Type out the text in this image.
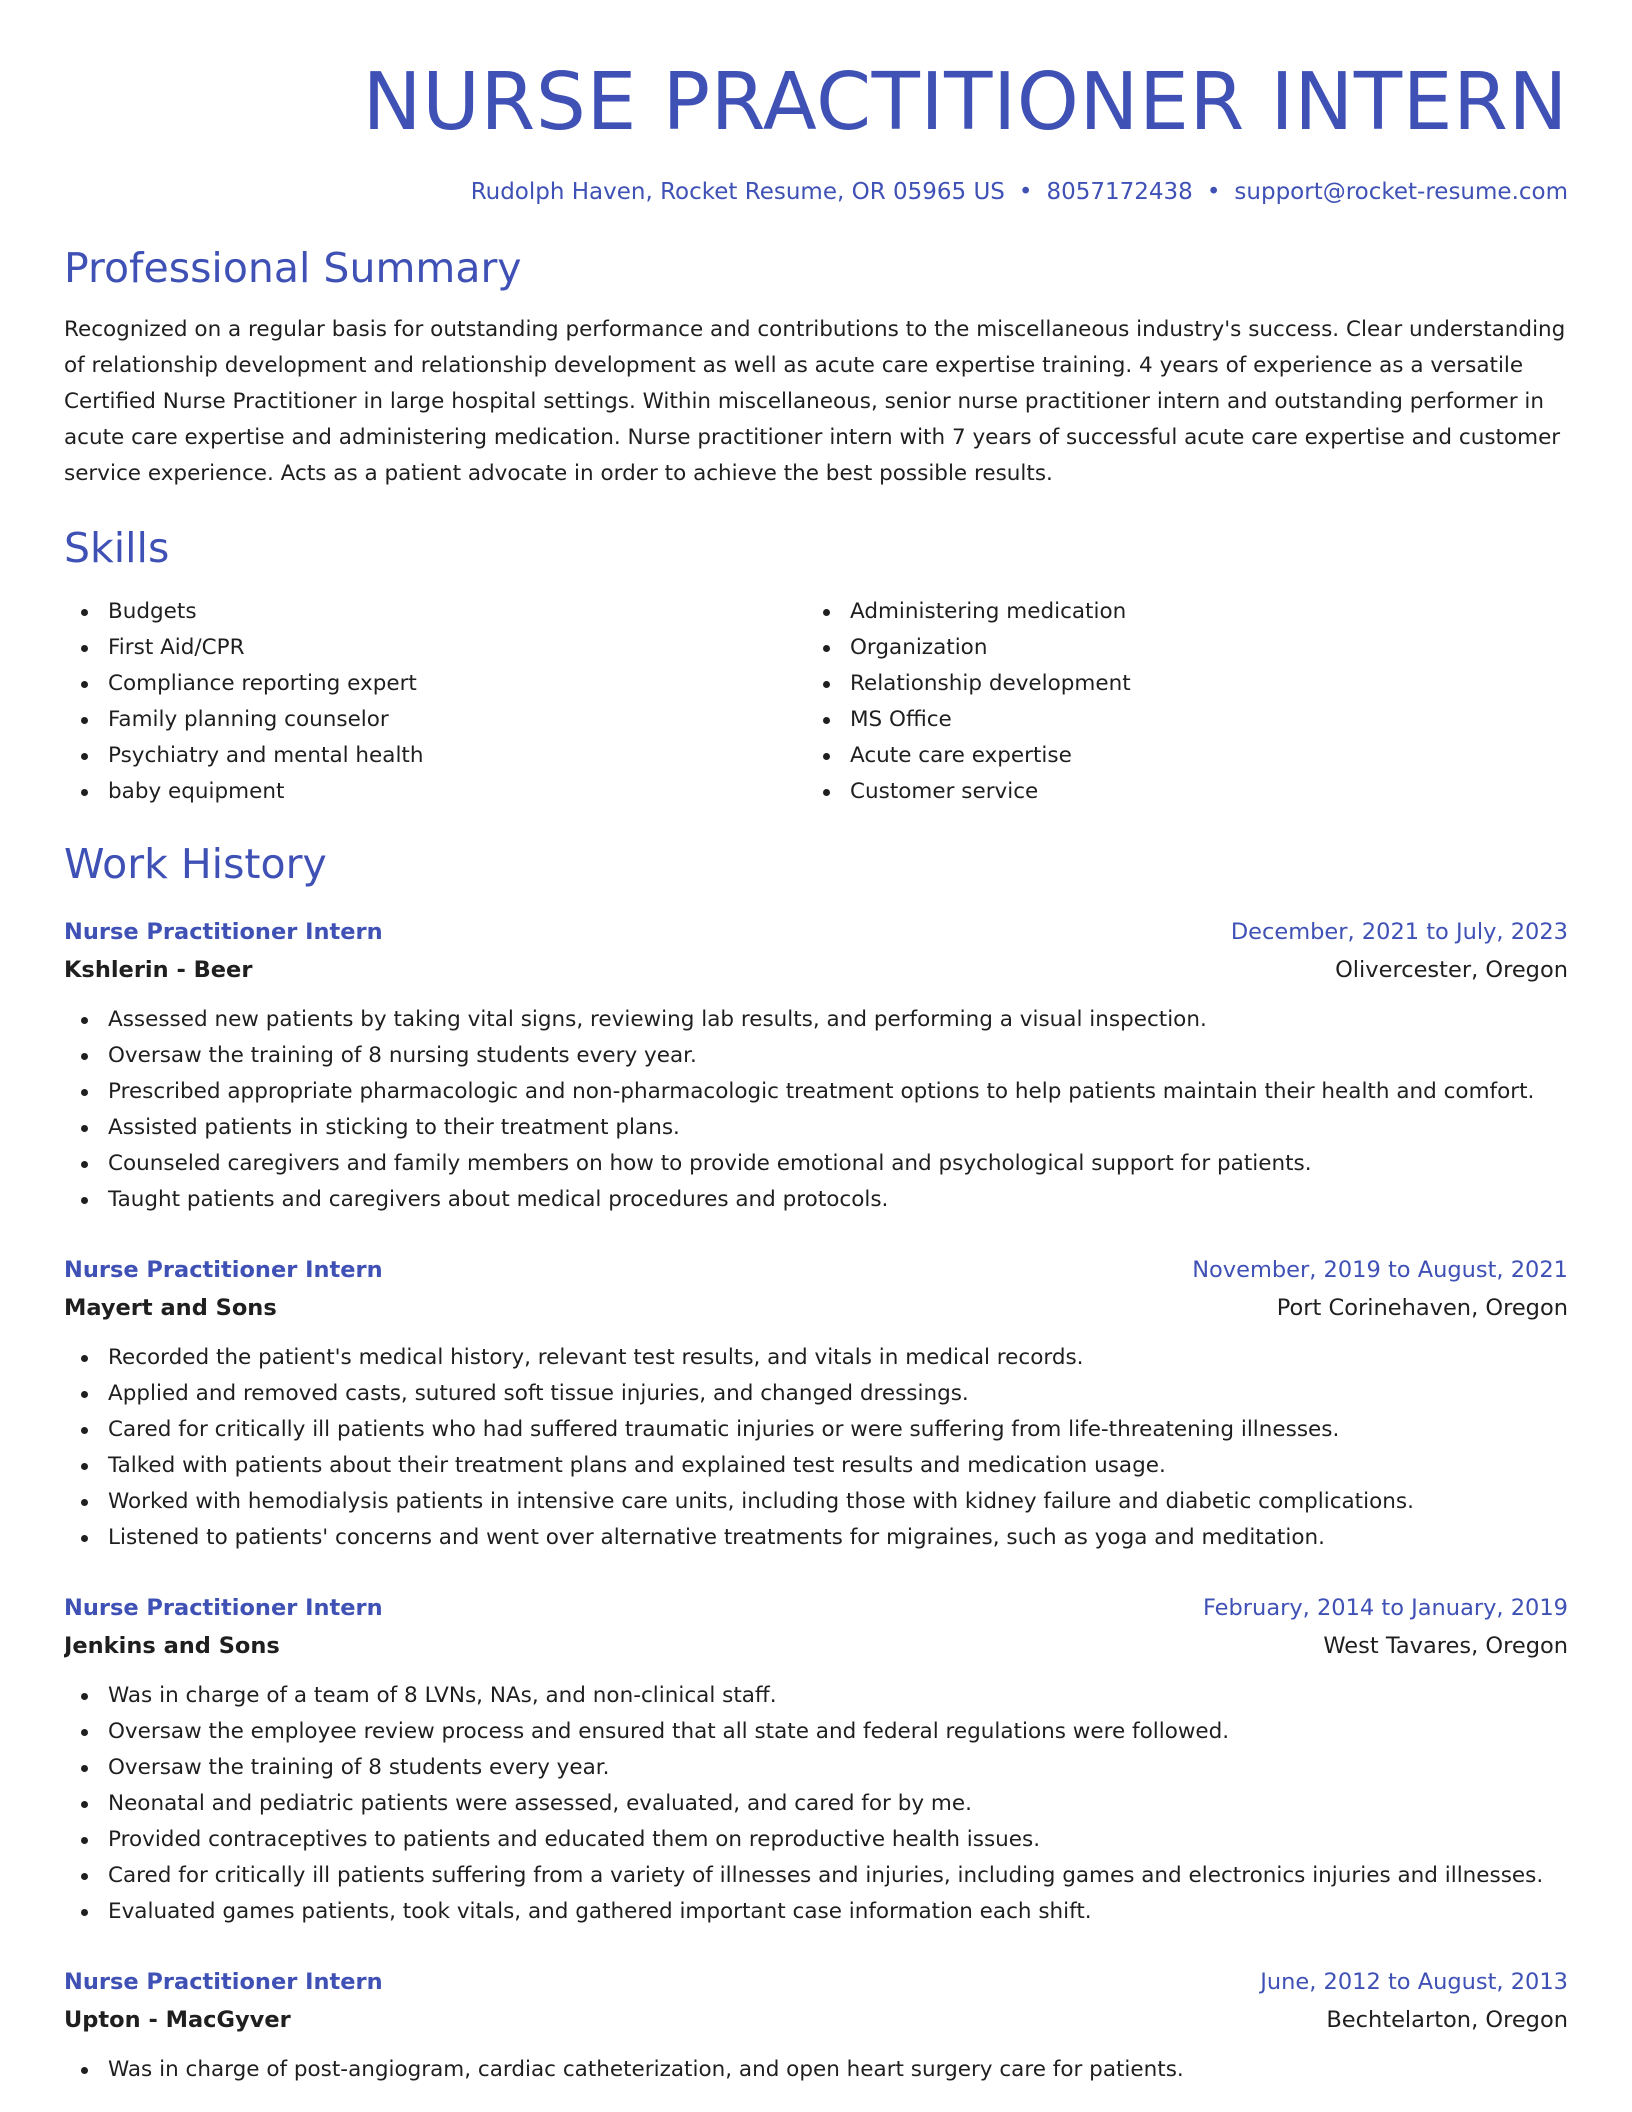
NURSE PRACTITIONER INTERN
Rudolph Haven, Rocket Resume, OR 05965 US • 8057172438 • support@rocket-resume.com
Professional Summary
Recognized on a regular basis for outstanding performance and contributions to the miscellaneous industry's success. Clear understanding of relationship development and relationship development as well as acute care expertise training. 4 years of experience as a versatile Certified Nurse Practitioner in large hospital settings. Within miscellaneous, senior nurse practitioner intern and outstanding performer in acute care expertise and administering medication. Nurse practitioner intern with 7 years of successful acute care expertise and customer service experience. Acts as a patient advocate in order to achieve the best possible results.
Skills
Budgets
First Aid/CPR
Compliance reporting expert
Family planning counselor
Psychiatry and mental health
baby equipment
Administering medication
Organization
Relationship development
MS Office
Acute care expertise
Customer service
Work History
Nurse Practitioner Intern	December, 2021 to July, 2023
Kshlerin - Beer	Olivercester, Oregon
Assessed new patients by taking vital signs, reviewing lab results, and performing a visual inspection.
Oversaw the training of 8 nursing students every year.
Prescribed appropriate pharmacologic and non-pharmacologic treatment options to help patients maintain their health and comfort.
Assisted patients in sticking to their treatment plans.
Counseled caregivers and family members on how to provide emotional and psychological support for patients.
Taught patients and caregivers about medical procedures and protocols.
Nurse Practitioner Intern	November, 2019 to August, 2021
Mayert and Sons	Port Corinehaven, Oregon
Recorded the patient's medical history, relevant test results, and vitals in medical records.
Applied and removed casts, sutured soft tissue injuries, and changed dressings.
Cared for critically ill patients who had suffered traumatic injuries or were suffering from life-threatening illnesses.
Talked with patients about their treatment plans and explained test results and medication usage.
Worked with hemodialysis patients in intensive care units, including those with kidney failure and diabetic complications.
Listened to patients' concerns and went over alternative treatments for migraines, such as yoga and meditation.
Nurse Practitioner Intern	February, 2014 to January, 2019
Jenkins and Sons	West Tavares, Oregon
Was in charge of a team of 8 LVNs, NAs, and non-clinical staff.
Oversaw the employee review process and ensured that all state and federal regulations were followed.
Oversaw the training of 8 students every year.
Neonatal and pediatric patients were assessed, evaluated, and cared for by me.
Provided contraceptives to patients and educated them on reproductive health issues.
Cared for critically ill patients suffering from a variety of illnesses and injuries, including games and electronics injuries and illnesses.
Evaluated games patients, took vitals, and gathered important case information each shift.
Nurse Practitioner Intern	June, 2012 to August, 2013
Upton - MacGyver	Bechtelarton, Oregon
Was in charge of post-angiogram, cardiac catheterization, and open heart surgery care for patients.
